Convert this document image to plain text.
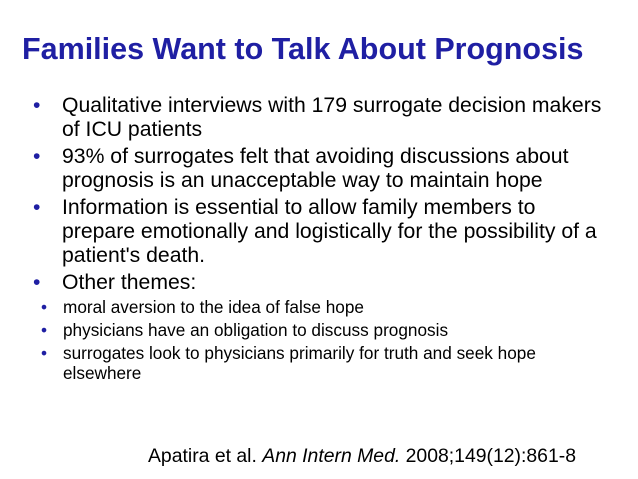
Families Want to Talk About Prognosis
• Qualitative interviews with 179 surrogate decision makers of ICU patients
• 93% of surrogates felt that avoiding discussions about prognosis is an unacceptable way to maintain hope
• Information is essential to allow family members to prepare emotionally and logistically for the possibility of a patient's death.
• Other themes:
• moral aversion to the idea of false hope
• physicians have an obligation to discuss prognosis
• surrogates look to physicians primarily for truth and seek hope elsewhere

Apatira et al. Ann Intern Med. 2008;149(12):861-8
